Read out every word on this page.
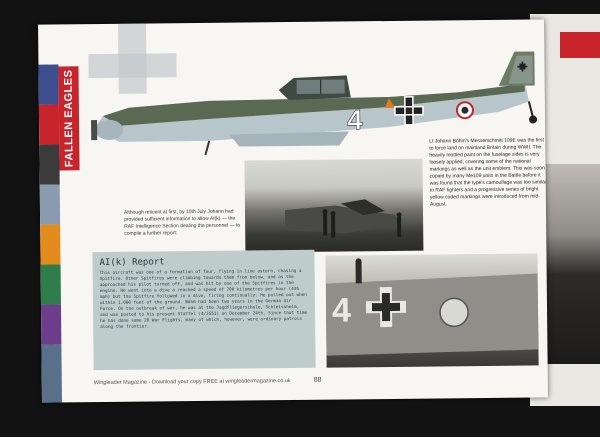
FALLEN EAGLES	4
Lt Johann Böhm's Messerschmitt 109E was the first to force land on mainland Britain during WWII. The heavily mottled paint on the fuselage sides is very loosely applied, covering some of the national markings as well as the unit emblem. This was soon copied by many Me109 units in the Battle before it was found that the type's camouflage was too similar to RAF fighters and a progressive series of bright yellow coded markings were introduced from mid-August.
Although reticent at first, by 10th July Johann had provided sufficient information to allow AI(k) — the RAF Intelligence Section dealing the personnel — to compile a further report:
4
AI(k) Report

This aircraft was one of a formation of four, flying in line astern, chasing a Spitfire. Other Spitfires were climbing towards them from below, and as the approached his pilot turned off, and was hit by one of the Spitfires in the engine. He went into a dive a reached a speed of 700 kilometres per hour (435 mph) but the Spitfire followed in a dive, firing continually. He pulled out when within 1,000 feet of the ground. Böhm had been two years in the German Air Force. On the outbreak of war, he was at the Jagdfliegerschule, Schleissheim, and was posted to his present Staffel (4/JG51) on December 24th. Since that time he has done some 20 War Flights, many of which, however, were ordinary patrols along the frontier.

Wingleader Magazine - Download your copy FREE at wingleadermagazine.co.uk	88
